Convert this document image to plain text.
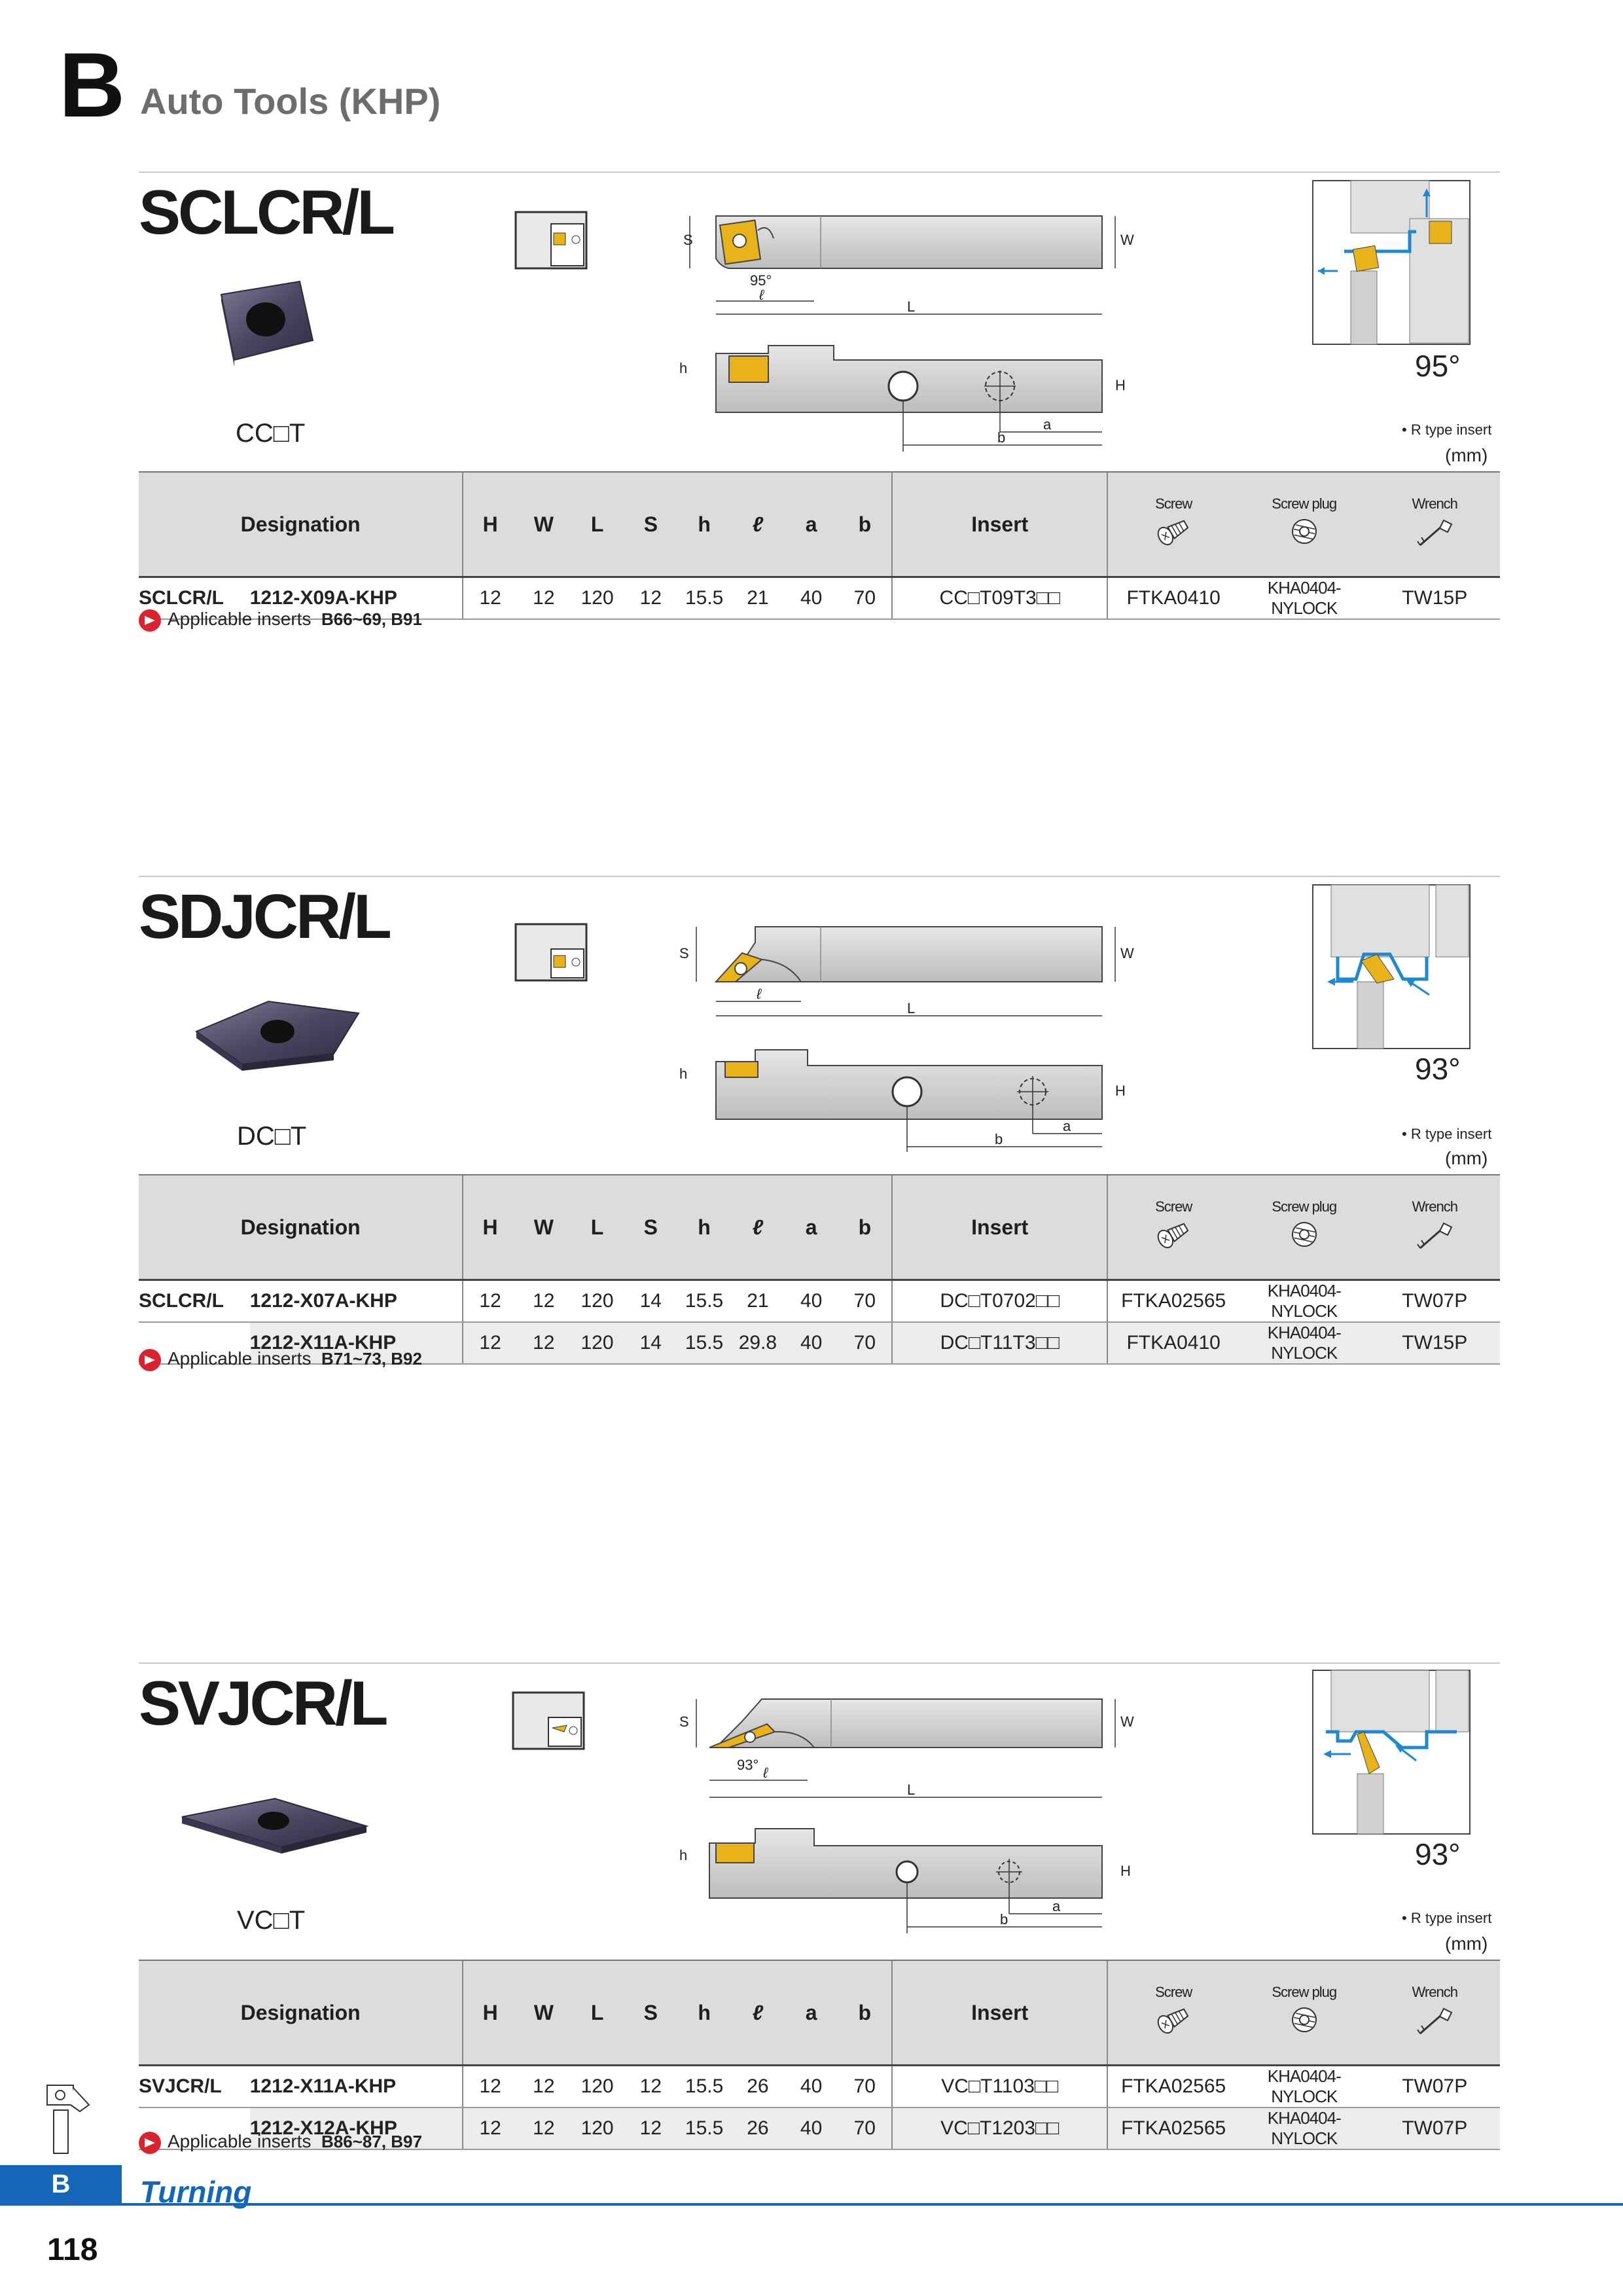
B Auto Tools (KHP)
SCLCR/L
CC□T
S	W
95°
ℓ
L
h
H
a
b
95°
• R type insert
(mm)
Designation		H	W	L	S	h	ℓ	a	b	Insert	Screw	Screw plug	Wrench

SCLCR/L	1212-X09A-KHP	12	12	120	12	15.5	21	40	70	CC□T09T3□□	FTKA0410	KHA0404-NYLOCK	TW15P
Applicable inserts B66~69, B91
SDJCR/L
DC□T
S	W
ℓ
L
h
H
a
b
93°
• R type insert
(mm)
Designation		H	W	L	S	h	ℓ	a	b	Insert	Screw	Screw plug	Wrench

SCLCR/L	1212-X07A-KHP	12	12	120	14	15.5	21	40	70	DC□T0702□□	FTKA02565	KHA0404-NYLOCK	TW07P
	1212-X11A-KHP	12	12	120	14	15.5	29.8	40	70	DC□T11T3□□	FTKA0410	KHA0404-NYLOCK	TW15P
Applicable inserts B71~73, B92
SVJCR/L
VC□T
S	W
93° ℓ
L
h
H
a
b
93°
• R type insert
(mm)
Designation		H	W	L	S	h	ℓ	a	b	Insert	Screw	Screw plug	Wrench

SVJCR/L	1212-X11A-KHP	12	12	120	12	15.5	26	40	70	VC□T1103□□	FTKA02565	KHA0404-NYLOCK	TW07P
	1212-X12A-KHP	12	12	120	12	15.5	26	40	70	VC□T1203□□	FTKA02565	KHA0404-NYLOCK	TW07P
Applicable inserts B86~87, B97
B	Turning
118
